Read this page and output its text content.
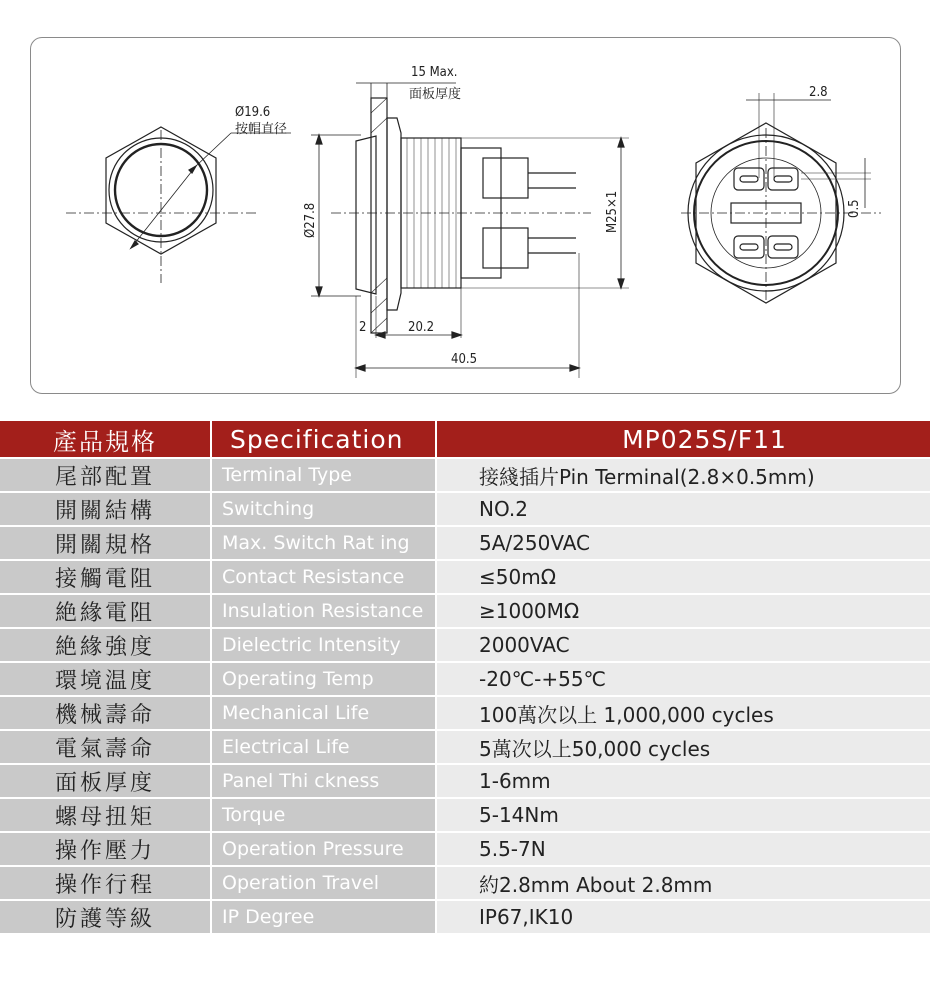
Ø19.6
按帽直径
15 Max.
面板厚度
Ø27.8	M25×1
2	20.2
40.5
2.8
0.5
產品規格	Specification	MP025S/F11
尾部配置	Terminal Type	接綫插片Pin Terminal(2.8×0.5mm)
開關結構	Switching	NO.2
開關規格	Max. Switch Rat ing	5A/250VAC
接觸電阻	Contact Resistance	≤50mΩ
絶緣電阻	Insulation Resistance	≥1000MΩ
絶緣強度	Dielectric Intensity	2000VAC
環境温度	Operating Temp	-20℃-+55℃
機械壽命	Mechanical Life	100萬次以上 1,000,000 cycles
電氣壽命	Electrical Life	5萬次以上50,000 cycles
面板厚度	Panel Thi ckness	1-6mm
螺母扭矩	Torque	5-14Nm
操作壓力	Operation Pressure	5.5-7N
操作行程	Operation Travel	約2.8mm About 2.8mm
防護等級	IP Degree	IP67,IK10
